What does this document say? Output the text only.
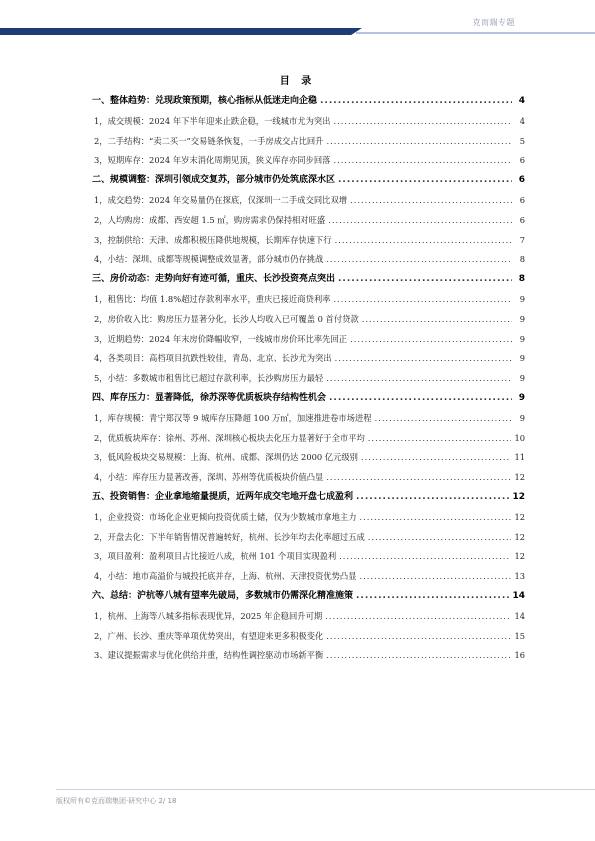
克而瑞专题
目 录
一、整体趋势：兑现政策预期，核心指标从低迷走向企稳 .....	4
1，成交规模：2024 年下半年迎来止跌企稳，一线城市尤为突出 .....	4
2，二手结构：“卖二买一”交易链条恢复，一手房成交占比回升 .....	5
3，短期库存：2024 年岁末消化周期见顶，狭义库存亦同步回落 .....	6
二、规模调整：深圳引领成交复苏，部分城市仍处筑底深水区 .....	6
1，成交趋势：2024 年交易量仍在探底，仅深圳一二手成交同比双增 .....	6
2，人均购房：成都、西安超 1.5 ㎡，购房需求仍保持相对旺盛 .....	6
3，控制供给：天津、成都积极压降供地规模，长期库存快速下行 .....	7
4，小结：深圳、成都等规模调整成效显著，部分城市仍存挑战 .....	8
三、房价动态：走势向好有迹可循，重庆、长沙投资亮点突出 .....	8
1，租售比：均值 1.8%超过存款利率水平，重庆已接近商贷利率 .....	9
2，房价收入比：购房压力显著分化，长沙人均收入已可覆盖 0 首付贷款 .....	9
3，近期趋势：2024 年末房价降幅收窄，一线城市房价环比率先回正 .....	9
4，各类项目：高档项目抗跌性较佳，青岛、北京、长沙尤为突出 .....	9
5，小结：多数城市租售比已超过存款利率，长沙购房压力最轻 .....	9
四、库存压力：显著降低，徐苏深等优质板块存结构性机会 .....	9
1，库存规模：青宁郑汉等 9 城库存压降超 100 万㎡，加速推进卷市场进程 .....	9
2，优质板块库存：徐州、苏州、深圳核心板块去化压力显著好于全市平均 .....	10
3，低风险板块交易规模：上海、杭州、成都、深圳仍达 2000 亿元级别 .....	11
4，小结：库存压力显著改善，深圳、苏州等优质板块价值凸显 .....	12
五、投资销售：企业拿地缩量提质，近两年成交宅地开盘七成盈利 .....	12
1，企业投资：市场化企业更倾向投资优质土储，仅为少数城市拿地主力 .....	12
2，开盘去化：下半年销售情况普遍转好，杭州、长沙年均去化率超过五成 .....	12
3，项目盈利：盈利项目占比接近八成，杭州 101 个项目实现盈利 .....	12
4，小结：地市高溢价与城投托底并存，上海、杭州、天津投资优势凸显 .....	13
六、总结：沪杭等八城有望率先破局，多数城市仍需深化精准施策 .....	14
1，杭州、上海等八城多指标表现优异，2025 年企稳回升可期 .....	14
2，广州、长沙、重庆等单项优势突出，有望迎来更多积极变化 .....	15
3、建议提振需求与优化供给并重，结构性调控驱动市场新平衡 .....	16
版权所有©克而瑞集团·研究中心 2/ 18
